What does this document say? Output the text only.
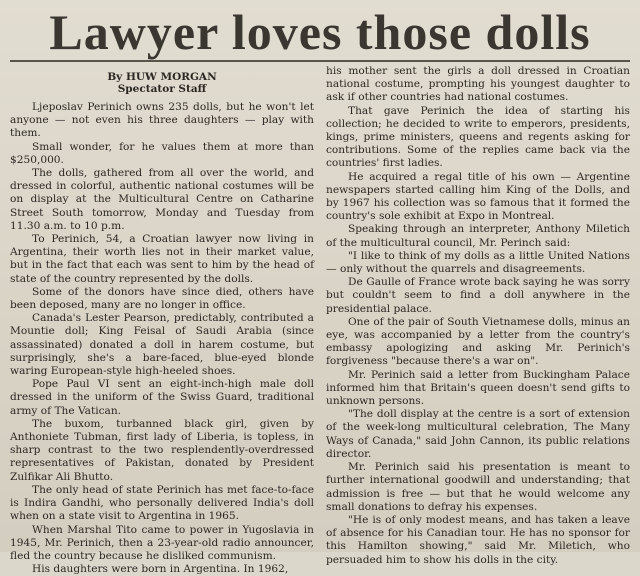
Lawyer loves those dolls
By HUW MORGAN
Spectator Staff

Ljeposlav Perinich owns 235 dolls, but he won't let anyone — not even his three daughters — play with them.

Small wonder, for he values them at more than $250,000.

The dolls, gathered from all over the world, and dressed in colorful, authentic national costumes will be on display at the Multicultural Centre on Catharine Street South tomorrow, Monday and Tuesday from 11.30 a.m. to 10 p.m.

To Perinich, 54, a Croatian lawyer now living in Argentina, their worth lies not in their market value, but in the fact that each was sent to him by the head of state of the country represented by the dolls.

Some of the donors have since died, others have been deposed, many are no longer in office.

Canada's Lester Pearson, predictably, contributed a Mountie doll; King Feisal of Saudi Arabia (since assassinated) donated a doll in harem costume, but surprisingly, she's a bare-faced, blue-eyed blonde waring European-style high-heeled shoes.

Pope Paul VI sent an eight-inch-high male doll dressed in the uniform of the Swiss Guard, traditional army of The Vatican.

The buxom, turbanned black girl, given by Anthoniete Tubman, first lady of Liberia, is topless, in sharp contrast to the two resplendently-overdressed representatives of Pakistan, donated by President Zulfikar Ali Bhutto.

The only head of state Perinich has met face-to-face is Indira Gandhi, who personally delivered India's doll when on a state visit to Argentina in 1965.

When Marshal Tito came to power in Yugoslavia in 1945, Mr. Perinich, then a 23-year-old radio announcer, fled the country because he disliked communism.

His daughters were born in Argentina. In 1962,

his mother sent the girls a doll dressed in Croatian national costume, prompting his youngest daughter to ask if other countries had national costumes.

That gave Perinich the idea of starting his collection; he decided to write to emperors, presidents, kings, prime ministers, queens and regents asking for contributions. Some of the replies came back via the countries' first ladies.

He acquired a regal title of his own — Argentine newspapers started calling him King of the Dolls, and by 1967 his collection was so famous that it formed the country's sole exhibit at Expo in Montreal.

Speaking through an interpreter, Anthony Miletich of the multicultural council, Mr. Perinch said:

"I like to think of my dolls as a little United Nations — only without the quarrels and disagreements.

De Gaulle of France wrote back saying he was sorry but couldn't seem to find a doll anywhere in the presidential palace.

One of the pair of South Vietnamese dolls, minus an eye, was accompanied by a letter from the country's embassy apologizing and asking Mr. Perinich's forgiveness "because there's a war on".

Mr. Perinich said a letter from Buckingham Palace informed him that Britain's queen doesn't send gifts to unknown persons.

"The doll display at the centre is a sort of extension of the week-long multicultural celebration, The Many Ways of Canada," said John Cannon, its public relations director.

Mr. Perinich said his presentation is meant to further international goodwill and understanding; that admission is free — but that he would welcome any small donations to defray his expenses.

"He is of only modest means, and has taken a leave of absence for his Canadian tour. He has no sponsor for this Hamilton showing," said Mr. Miletich, who persuaded him to show his dolls in the city.
